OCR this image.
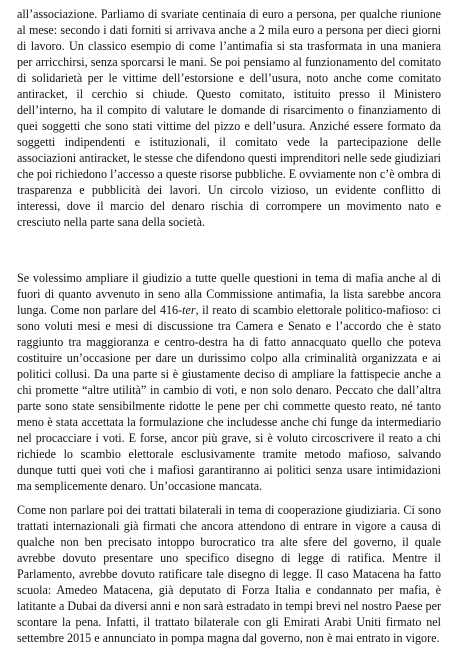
all’associazione. Parliamo di svariate centinaia di euro a persona, per qualche riunione al mese: secondo i dati forniti si arrivava anche a 2 mila euro a persona per dieci giorni di lavoro. Un classico esempio di come l’antimafia si sta trasformata in una maniera per arricchirsi, senza sporcarsi le mani. Se poi pensiamo al funzionamento del comitato di solidarietà per le vittime dell’estorsione e dell’usura, noto anche come comitato antiracket, il cerchio si chiude. Questo comitato, istituito presso il Ministero dell’interno, ha il compito di valutare le domande di risarcimento o finanziamento di quei soggetti che sono stati vittime del pizzo e dell’usura. Anziché essere formato da soggetti indipendenti e istituzionali, il comitato vede la partecipazione delle associazioni antiracket, le stesse che difendono questi imprenditori nelle sede giudiziari che poi richiedono l’accesso a queste risorse pubbliche. E ovviamente non c’è ombra di trasparenza e pubblicità dei lavori. Un circolo vizioso, un evidente conflitto di interessi, dove il marcio del denaro rischia di corrompere un movimento nato e cresciuto nella parte sana della società.

Se volessimo ampliare il giudizio a tutte quelle questioni in tema di mafia anche al di fuori di quanto avvenuto in seno alla Commissione antimafia, la lista sarebbe ancora lunga. Come non parlare del 416-ter, il reato di scambio elettorale politico-mafioso: ci sono voluti mesi e mesi di discussione tra Camera e Senato e l’accordo che è stato raggiunto tra maggioranza e centro-destra ha di fatto annacquato quello che poteva costituire un’occasione per dare un durissimo colpo alla criminalità organizzata e ai politici collusi. Da una parte si è giustamente deciso di ampliare la fattispecie anche a chi promette “altre utilità” in cambio di voti, e non solo denaro. Peccato che dall’altra parte sono state sensibilmente ridotte le pene per chi commette questo reato, né tanto meno è stata accettata la formulazione che includesse anche chi funge da intermediario nel procacciare i voti. E forse, ancor più grave, si è voluto circoscrivere il reato a chi richiede lo scambio elettorale esclusivamente tramite metodo mafioso, salvando dunque tutti quei voti che i mafiosi garantiranno ai politici senza usare intimidazioni ma semplicemente denaro. Un’occasione mancata.

Come non parlare poi dei trattati bilaterali in tema di cooperazione giudiziaria. Ci sono trattati internazionali già firmati che ancora attendono di entrare in vigore a causa di qualche non ben precisato intoppo burocratico tra alte sfere del governo, il quale avrebbe dovuto presentare uno specifico disegno di legge di ratifica. Mentre il Parlamento, avrebbe dovuto ratificare tale disegno di legge. Il caso Matacena ha fatto scuola: Amedeo Matacena, già deputato di Forza Italia e condannato per mafia, è latitante a Dubai da diversi anni e non sarà estradato in tempi brevi nel nostro Paese per scontare la pena. Infatti, il trattato bilaterale con gli Emirati Arabi Uniti firmato nel settembre 2015 e annunciato in pompa magna dal governo, non è mai entrato in vigore.
